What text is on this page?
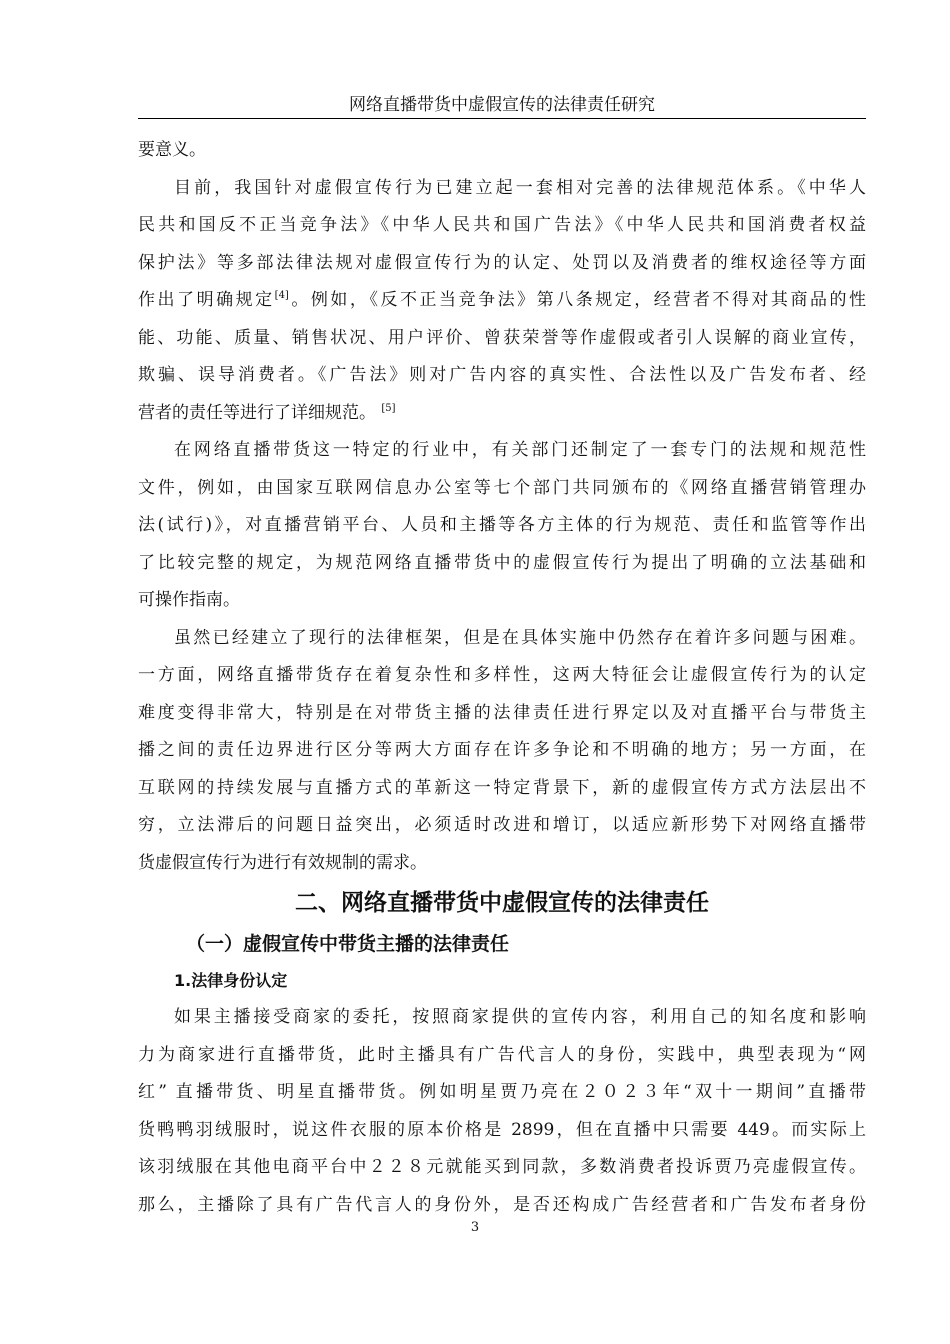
网络直播带货中虚假宣传的法律责任研究
要意义。
目前，我国针对虚假宣传行为已建立起一套相对完善的法律规范体系。《中华人
民共和国反不正当竞争法》《中华人民共和国广告法》《中华人民共和国消费者权益
保护法》等多部法律法规对虚假宣传行为的认定、处罚以及消费者的维权途径等方面
作出了明确规定[4]。例如，《反不正当竞争法》第八条规定，经营者不得对其商品的性
能、功能、质量、销售状况、用户评价、曾获荣誉等作虚假或者引人误解的商业宣传，
欺骗、误导消费者。《广告法》则对广告内容的真实性、合法性以及广告发布者、经
营者的责任等进行了详细规范。 [5]
在网络直播带货这一特定的行业中，有关部门还制定了一套专门的法规和规范性
文件，例如，由国家互联网信息办公室等七个部门共同颁布的《网络直播营销管理办
法(试行)》，对直播营销平台、人员和主播等各方主体的行为规范、责任和监管等作出
了比较完整的规定，为规范网络直播带货中的虚假宣传行为提出了明确的立法基础和
可操作指南。
虽然已经建立了现行的法律框架，但是在具体实施中仍然存在着许多问题与困难。
一方面，网络直播带货存在着复杂性和多样性，这两大特征会让虚假宣传行为的认定
难度变得非常大，特别是在对带货主播的法律责任进行界定以及对直播平台与带货主
播之间的责任边界进行区分等两大方面存在许多争论和不明确的地方；另一方面，在
互联网的持续发展与直播方式的革新这一特定背景下，新的虚假宣传方式方法层出不
穷，立法滞后的问题日益突出，必须适时改进和增订，以适应新形势下对网络直播带
货虚假宣传行为进行有效规制的需求。
二、网络直播带货中虚假宣传的法律责任
（一）虚假宣传中带货主播的法律责任
1.法律身份认定
如果主播接受商家的委托，按照商家提供的宣传内容，利用自己的知名度和影响
力为商家进行直播带货，此时主播具有广告代言人的身份，实践中，典型表现为“网
红” 直播带货、明星直播带货。例如明星贾乃亮在２０２３年“双十一期间”直播带
货鸭鸭羽绒服时，说这件衣服的原本价格是 2899，但在直播中只需要 449。而实际上
该羽绒服在其他电商平台中２２８元就能买到同款，多数消费者投诉贾乃亮虚假宣传。
那么，主播除了具有广告代言人的身份外，是否还构成广告经营者和广告发布者身份
3
